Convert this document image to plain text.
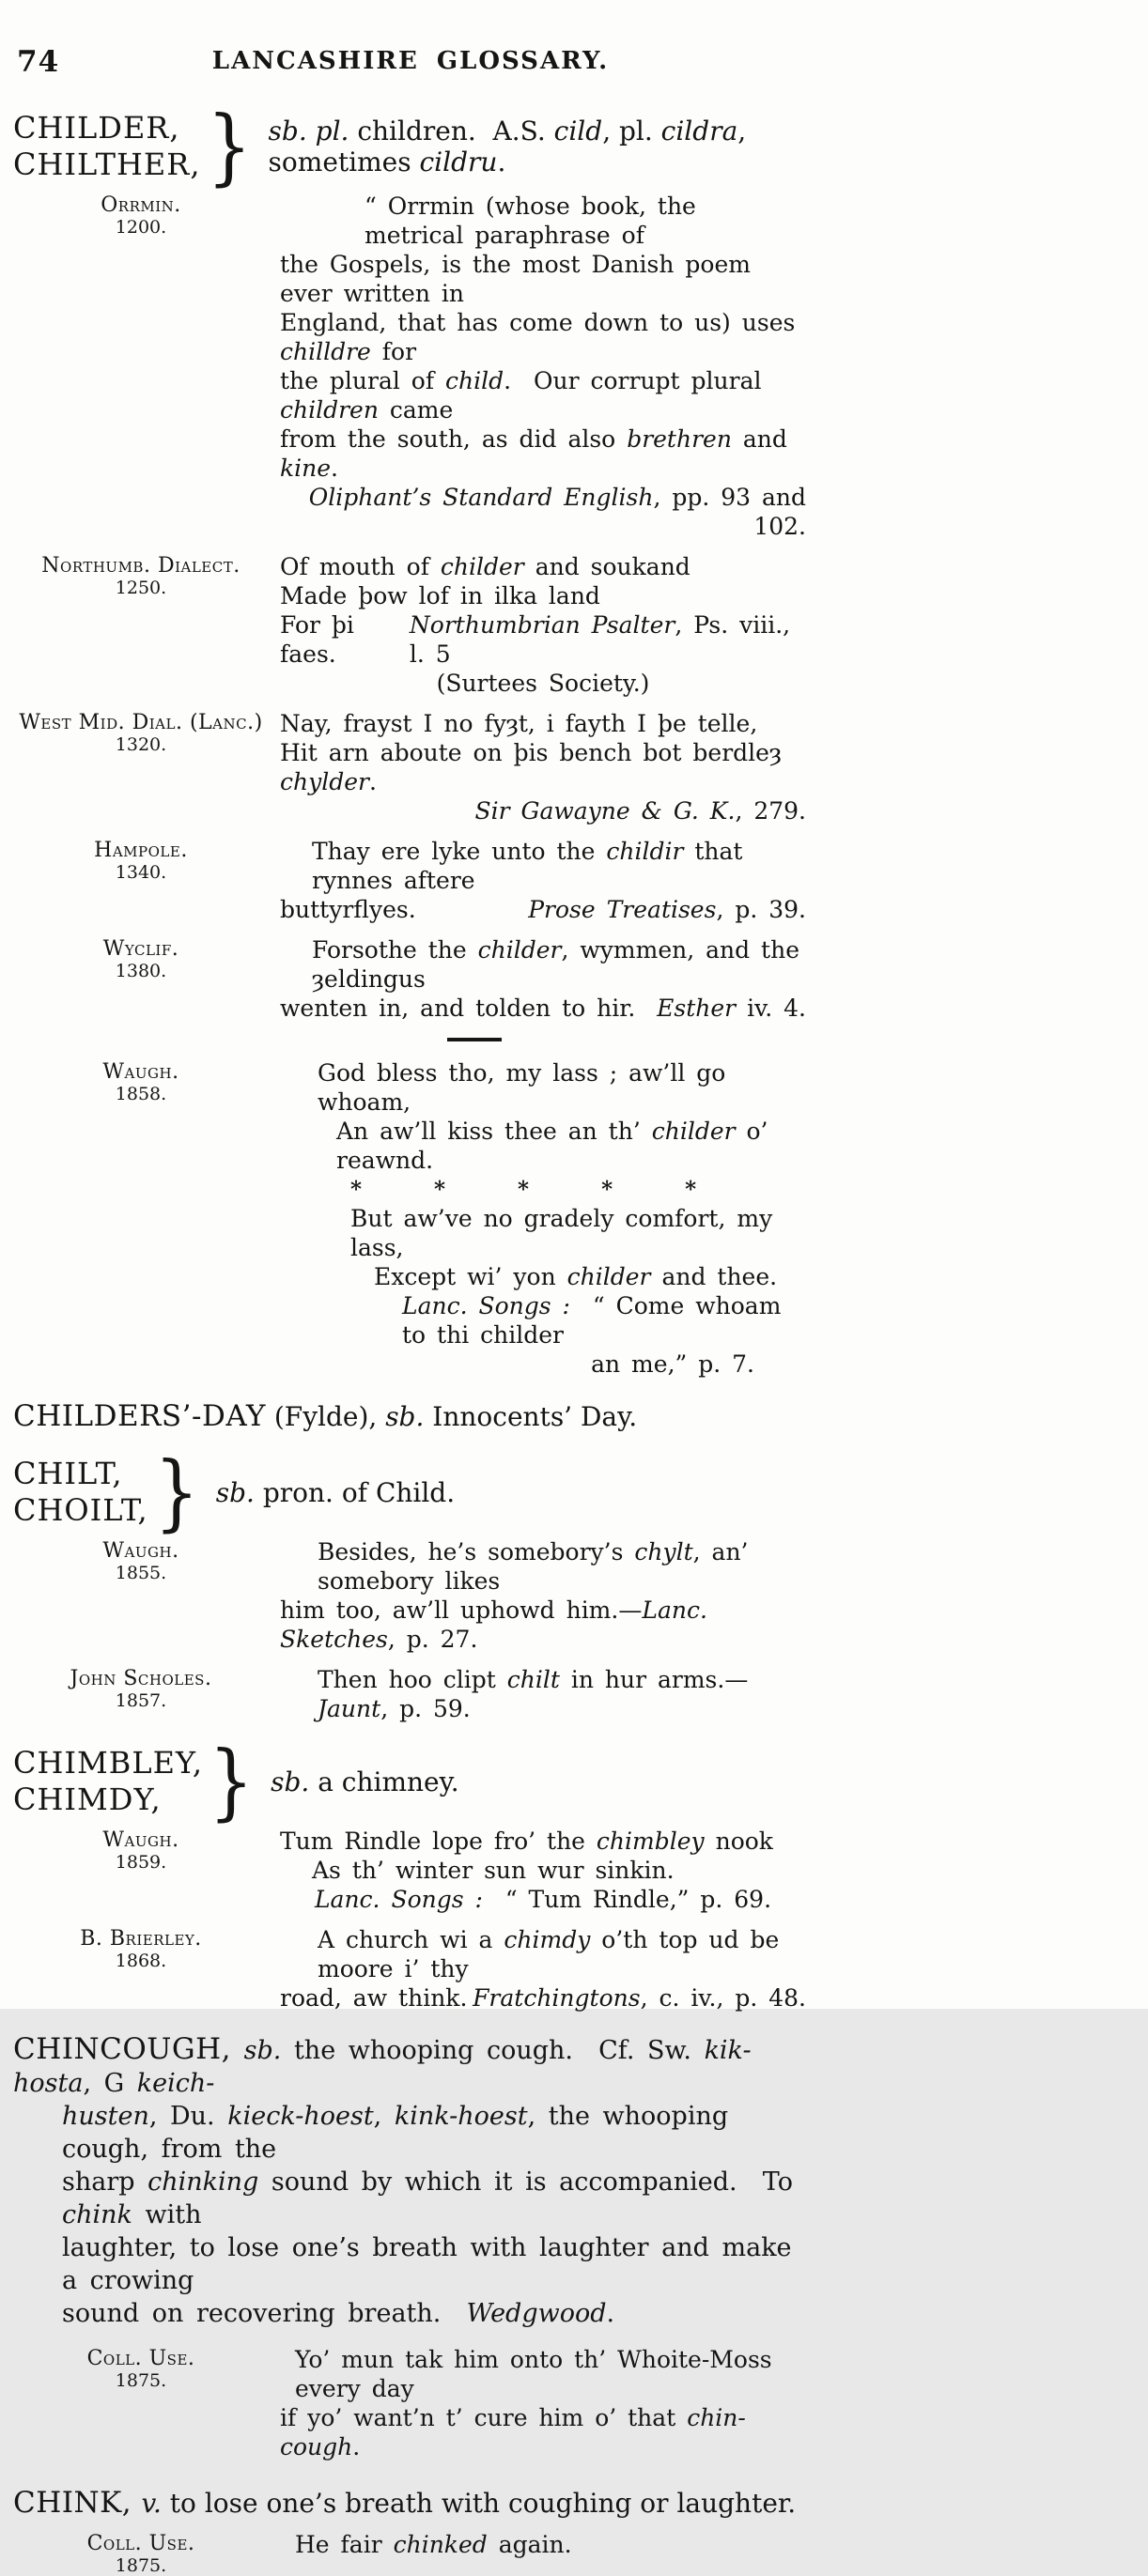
74	LANCASHIRE GLOSSARY.
CHILDER,
CHILTHER, } sb. pl. children.  A.S. cild, pl. cildra, sometimes cildru.
Orrmin.
1200.
“ Orrmin (whose book, the metrical paraphrase of
the Gospels, is the most Danish poem ever written in
England, that has come down to us) uses chilldre for
the plural of child.  Our corrupt plural children came
from the south, as did also brethren and kine.
Oliphant’s Standard English, pp. 93 and 102.
Northumb. Dialect.
1250.
Of mouth of childer and soukand
Made þow lof in ilka land
For þi faes.
Northumbrian Psalter, Ps. viii., l. 5
(Surtees Society.)
West Mid. Dial. (Lanc.)
1320.
Nay, frayst I no fyȝt, i fayth I þe telle,
Hit arn aboute on þis bench bot berdleȝ chylder.
Sir Gawayne & G. K., 279.
Hampole.
1340.
Thay ere lyke unto the childir that rynnes aftere
buttyrflyes.	Prose Treatises, p. 39.
Wyclif.
1380.
Forsothe the childer, wymmen, and the ȝeldingus
wenten in, and tolden to hir. Esther iv. 4.
Waugh.
1858.
God bless tho, my lass ; aw’ll go whoam,
An aw’ll kiss thee an th’ childer o’ reawnd.
*   *   *   *   *
But aw’ve no gradely comfort, my lass,
Except wi’ yon childer and thee.
Lanc. Songs :  “ Come whoam to thi childer
an me,” p. 7.
CHILDERS’-DAY (Fylde), sb. Innocents’ Day.
CHILT,
CHOILT, } sb. pron. of Child.
Waugh.
1855.
Besides, he’s somebory’s chylt, an’ somebory likes
him too, aw’ll uphowd him.—Lanc. Sketches, p. 27.
John Scholes.
1857.
Then hoo clipt chilt in hur arms.—Jaunt, p. 59.
CHIMBLEY,
CHIMDY, } sb. a chimney.
Waugh.
1859.
Tum Rindle lope fro’ the chimbley nook
As th’ winter sun wur sinkin.
Lanc. Songs :  “ Tum Rindle,” p. 69.
B. Brierley.
1868.
A church wi a chimdy o’th top ud be moore i’ thy
road, aw think. Fratchingtons, c. iv., p. 48.
CHINCOUGH, sb. the whooping cough.  Cf. Sw. kik-hosta, G keich-
husten, Du. kieck-hoest, kink-hoest, the whooping cough, from the
sharp chinking sound by which it is accompanied.  To chink with
laughter, to lose one’s breath with laughter and make a crowing
sound on recovering breath.  Wedgwood.
Coll. Use.
1875.
Yo’ mun tak him onto th’ Whoite-Moss every day
if yo’ want’n t’ cure him o’ that chin-cough.
CHINK, v. to lose one’s breath with coughing or laughter.
Coll. Use.
1875.
He fair chinked again.
